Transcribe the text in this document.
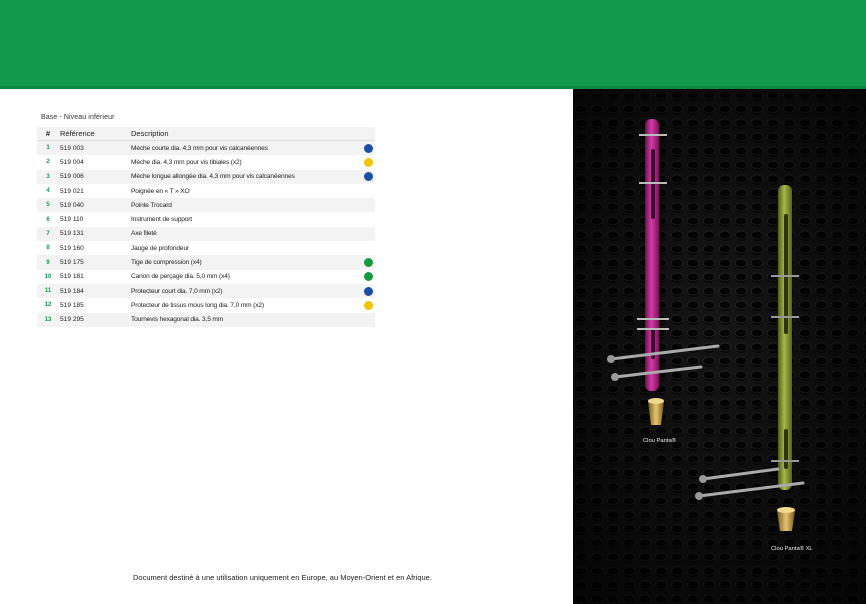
Base - Niveau inférieur
#	Référence	Description
1	519 003	Mèche courte dia. 4,3 mm pour vis calcanéennes
2	519 004	Mèche dia. 4,3 mm pour vis tibiales (x2)
3	519 006	Mèche longue allongée dia. 4,3 mm pour vis calcanéennes
4	519 021	Poignée en « T » XO
5	519 040	Pointe Trocard
6	519 110	Instrument de support
7	519 131	Axe fileté
8	519 160	Jauge de profondeur
9	519 175	Tige de compression (x4)
10	519 181	Canon de perçage dia. 5,0 mm (x4)
11	519 184	Protecteur court dia. 7,0 mm (x2)
12	519 185	Protecteur de tissus mous long dia. 7,0 mm (x2)
13	519 295	Tournevis hexagonal dia. 3,5 mm
Document destiné à une utilisation uniquement en Europe, au Moyen-Orient et en Afrique.
Clou Panta®
Clou Panta® XL
